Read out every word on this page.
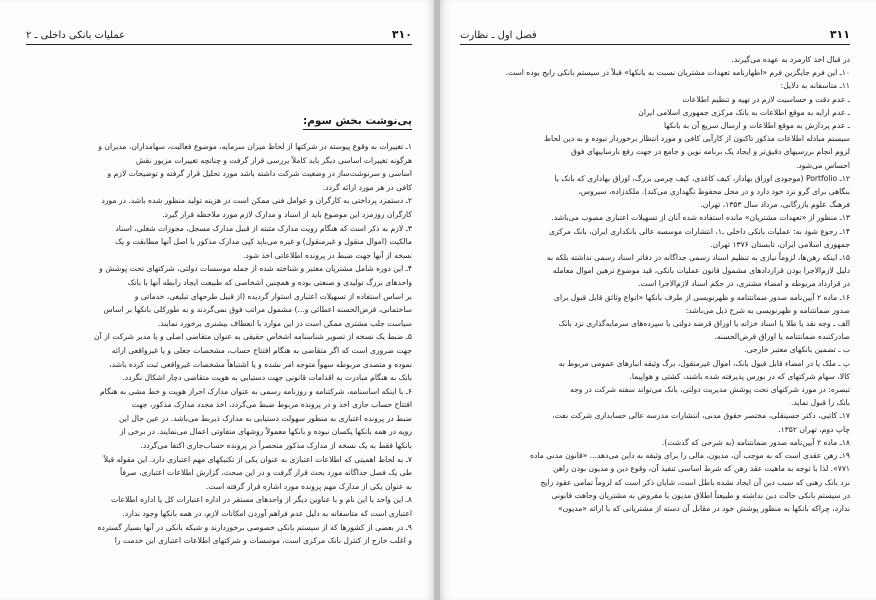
۳۱۰
عملیات بانکی داخلی ـ ۲
پی‌نوشت بخش سوم:

۱ـ تغییرات به وقوع پیوسته در شرکتها از لحاظ میزان سرمایه، موضوع فعالیت، سهامداران، مدیران و

هرگونه تغییرات اساسی دیگر باید کاملاً بررسی قرار گرفت و چنانچه تغییرات مزبور نقش

اساسی و سرنوشت‌ساز در وضعیت شرکت داشته باشد مورد تحلیل قرار گرفته و توضیحات لازم و

کافی در هر مورد ارائه گردد.

۲ـ دستمزد پرداختی به کارگران و عوامل فنی ممکن است در هزینه تولید منظور شده باشد. در مورد

کارگران روزمزد این موضوع باید از اسناد و مدارک لازم مورد ملاحظه قرار گیرد.

۳ـ لازم به ذکر است که هنگام رویت مدارک مثبته از قبیل مدارک مسجل، مجوزات شغلی، اسناد

مالکیت (اموال منقول و غیرمنقول) و غیره می‌باید کپی مدارک مذکور با اصل آنها مطابقت و یک

نسخه از آنها جهت ضبط در پرونده اطلاعاتی اخذ شود.

۴ـ این دوره شامل مشتریان معتبر و شناخته شده از جمله موسسات دولتی، شرکتهای تحت پوشش و

واحدهای بزرگ تولیدی و صنعتی بوده و همچنین اشخاصی که طبیعت ایجاد رابطه آنها با بانک

بر اساس استفاده از تسهیلات اعتباری استوار گردیده (از قبیل طرحهای تبلیغی، خدماتی و

ساختمانی، قرض‌الحسنه اعطائی و...) مشمول مراتب فوق نمی‌گردند و به طورکلی بانکها بر اساس

سیاست جلب مشتری ممکن است در این موارد با انعطاف بیشتری برخورد نمایند.

۵ـ ضبط یک نسخه از تصویر شناسنامه اشخاص حقیقی به عنوان متقاضی اصلی و یا مدیر شرکت از آن

جهت ضروری است که اگر متقاضی به هنگام افتتاح حساب، مشخصات جعلی و یا غیرواقعی ارائه

نموده و متصدی مربوطه سهواً متوجه امر نشده و یا اشتباهاً مشخصات غیرواقعی ثبت کرده باشد،

بانک به هنگام مبادرت به اقدامات قانونی جهت دستیابی به هویت متقاضی دچار اشکال نگردد.

۶ـ با اینکه اساسنامه، شرکتنامه و روزنامه رسمی به عنوان مدارک احراز هویت و خط مشی به هنگام

افتتاح حساب جاری اخذ و در پرونده مربوط ضبط می‌گردد، اخذ مجدد مدارک مذکور، جهت

ضبط در پرونده اعتباری به منظور سهولت دستیابی به مدارک ذیربط می‌باشد. در عین حال این

رویه در همه بانکها یکسان نبوده و بانکها معمولاً روشهای متفاوتی اعمال می‌نمایند. در برخی از

بانکها فقط به یک نسخه از مدارک مذکور منحصراً در پرونده حساب‌جاری اکتفا می‌گردد.

۷ـ به لحاظ اهمیتی که اطلاعات اعتباری به عنوان یکی از تکنیکهای مهم اعتباری دارد. این مقوله قبلاً

طی یک فصل جداگانه مورد بحث قرار گرفت و در این مبحث، گزارش اطلاعات اعتباری، صرفاً

به عنوان یکی از مدارک مهم پرونده مورد اشاره قرار گرفته است.

۸ـ این واحد یا این نام و با عناوین دیگر از واحدهای مستقر در اداره اعتبارات کل یا اداره اطلاعات

اعتباری است که متاسفانه به دلیل عدم فراهم آوردن امکانات لازم، در همه بانکها وجود ندارد.

۹ـ در بعضی از کشورها که از سیستم بانکی خصوصی برخوردارند و شبکه بانکی در آنها بسیار گسترده

و اغلب خارج از کنترل بانک مرکزی است، موسسات و شرکتهای اطلاعات اعتباری این خدمت را

۳۱۱
فصل اول ـ نظارت

در قبال اخذ کارمزد به عهده می‌گیرند.

۱۰ـ این فرم جایگزین فرم «اظهارنامه تعهدات مشتریان نسبت به بانکها» قبلاً در سیستم بانکی رایج بوده است.

۱۱ـ متاسفانه به دلایل:

ـ عدم دقت و حساسیت لازم در تهیه و تنظیم اطلاعات

ـ عدم ارایه به موقع اطلاعات به بانک مرکزی جمهوری اسلامی ایران

ـ عدم پردازش به موقع اطلاعات و ارسال سریع آن به بانکها

سیستم مبادله اطلاعات مذکور تاکنون از کارآیی کافی و مورد انتظار برخوردار نبوده و به دین لحاظ

لزوم انجام بررسیهای دقیق‌تر و ایجاد یک برنامه نوین و جامع در جهت رفع نارساییهای فوق

احساس می‌شود.

۱۲ـ Portfolio (موجودی اوراق بهادار، کیف کاغذی، کیف چرمی بزرگ، اوراق بهاداری که بانک یا

بنگاهی برای گرو نزد خود دارد و در محل محفوظ نگهداری می‌کند). ملکدزاده، سیروس،

فرهنگ علوم بازرگانی، مرداد سال ۱۳۵۳، تهران.

۱۳ـ منظور از «تعهدات مشتریان» مانده استفاده شده آنان از تسهیلات اعتباری مصوب می‌باشد.

۱۴ـ رجوع شود به: عملیات بانکی داخلی ـ۱، انتشارات موسسه عالی بانکداری ایران، بانک مرکزی

جمهوری اسلامی ایران، تابستان ۱۳۷۶ تهران.

۱۵ـ اینکه رهن‌ها، لزوماً نیازی به تنظیم اسناد رسمی جداگانه در دفاتر اسناد رسمی نداشته بلکه به

دلیل لازم‌الاجرا بودن قراردادهای مشمول قانون عملیات بانکی، قید موضوع ترهین اموال معامله

در قرارداد مربوطه و امضاء مشتری، در حکم اسناد لازم‌الاجرا است.

۱۶ـ ماده ۲ آیین‌نامه صدور ضمانتنامه و ظهرنویسی از طرف بانکها «انواع وثائق قابل قبول برای

صدور ضمانتنامه و ظهرنویسی به شرح ذیل می‌باشد:

الف ـ وجه نقد یا طلا یا اسناد خزانه یا اوراق قرضه دولتی یا سپرده‌های سرمایه‌گذاری نزد بانک

صادرکننده ضمانتنامه یا اوراق قرض‌الحسنه.

ب ـ تضمین بانکهای معتبر خارجی.

پ ـ ملک یا در امضاء قابل قبول بانک، اموال غیرمنقول، برگ وثیقه انبارهای عمومی مربوط به

کالا، سهام شرکتهای که در بورس پذیرفته شده باشند، کشتی و هواپیما.

تبصره: در مورد شرکتهای تحت پوشش مدیریت دولتی، بانک می‌تواند سفته شرکت در وجه

بانک را قبول نماید.

۱۷ـ کاتبی، دکتر حسینقلی، مختصر حقوق مدنی، انتشارات مدرسه عالی حسابداری شرکت نفت،

چاپ دوم، تهران ۱۳۵۲.

۱۸ـ ماده ۲ آیین‌نامه صدور ضمانتنامه (به شرحی که گذشت).

۱۹ـ رهن عقدی است که به موجب آن، مدیون، مالی را برای وثیقه به داین می‌دهد... «قانون مدنی ماده

۷۷۱». لذا با توجه به ماهیت عقد رهن که شرط اساسی تنفیذ آن، وقوع دین و مدیون بودن راهن

نزد بانک رهنی که سبب دین آن ایجاد نشده باطل است، شایان ذکر است که لزوماً تمامی عقود رایج

در سیستم بانکی حالت دین نداشته و طبیعتاً اطلاق مدیون یا مقروض به مشتریان وجاهت قانونی

ندارد، چراکه بانکها به منظور پوشش خود در مقابل آن دسته از مشتریانی که با ارائه «مدیون»
